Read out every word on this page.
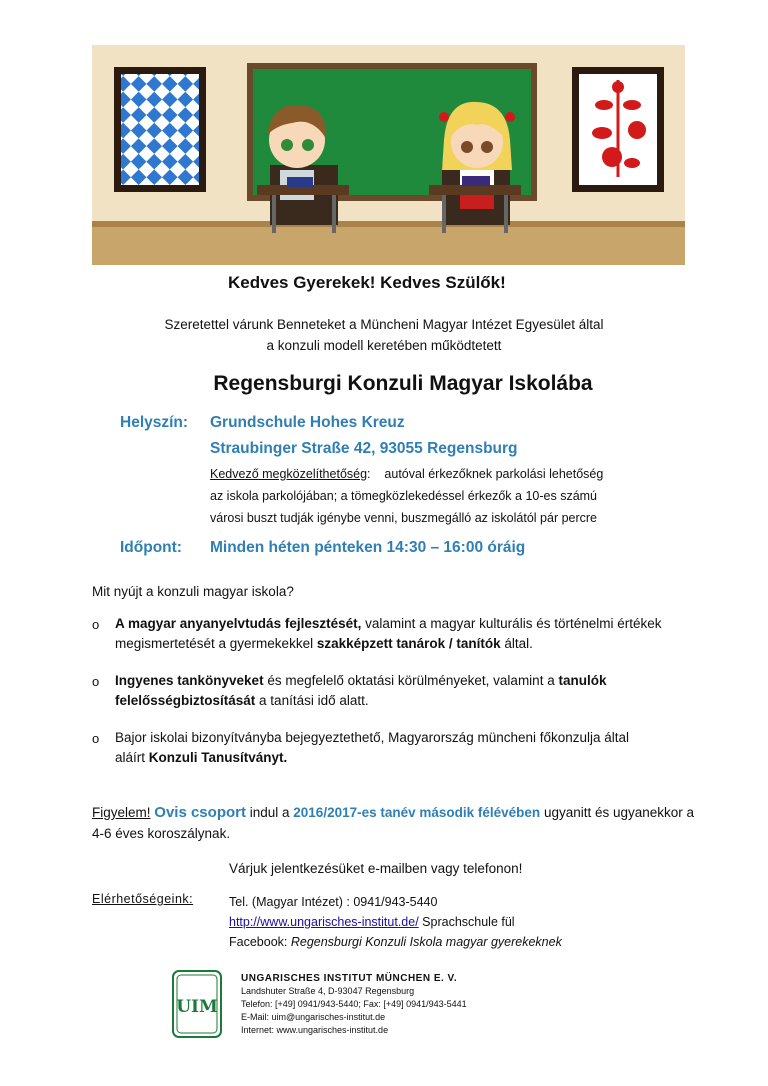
Kedves Gyerekek! Kedves Szülők!
Szeretettel várunk Benneteket a Müncheni Magyar Intézet Egyesület által
a konzuli modell keretében működtetett
Regensburgi Konzuli Magyar Iskolába
Helyszín: Grundschule Hohes Kreuz
Straubinger Straße 42, 93055 Regensburg
Kedvező megközelíthetőség:    autóval érkezőknek parkolási lehetőség
az iskola parkolójában; a tömegközlekedéssel érkezők a 10-es számú
városi buszt tudják igénybe venni, buszmegálló az iskolától pár percre
Időpont: Minden héten pénteken 14:30 – 16:00 óráig
Mit nyújt a konzuli magyar iskola?
o	A magyar anyanyelvtudás fejlesztését, valamint a magyar kulturális és történelmi értékek
megismertetését a gyermekekkel szakképzett tanárok / tanítók által.
o	Ingyenes tankönyveket és megfelelő oktatási körülményeket, valamint a tanulók
felelősségbiztosítását a tanítási idő alatt.
o	Bajor iskolai bizonyítványba bejegyeztethető, Magyarország müncheni főkonzulja által
aláírt Konzuli Tanusítványt.
Figyelem! Ovis csoport indul a 2016/2017-es tanév második félévében ugyanitt és ugyanekkor a
4-6 éves koroszálynak.
Várjuk jelentkezésüket e-mailben vagy telefonon!
Elérhetőségeink:	Tel. (Magyar Intézet) : 0941/943-5440
http://www.ungarisches-institut.de/ Sprachschule fül
Facebook: Regensburgi Konzuli Iskola magyar gyerekeknek
UIM
UNGARISCHES INSTITUT MÜNCHEN E. V.
Landshuter Straße 4, D-93047 Regensburg
Telefon: [+49] 0941/943-5440; Fax: [+49] 0941/943-5441
E-Mail: uim@ungarisches-institut.de
Internet: www.ungarisches-institut.de
